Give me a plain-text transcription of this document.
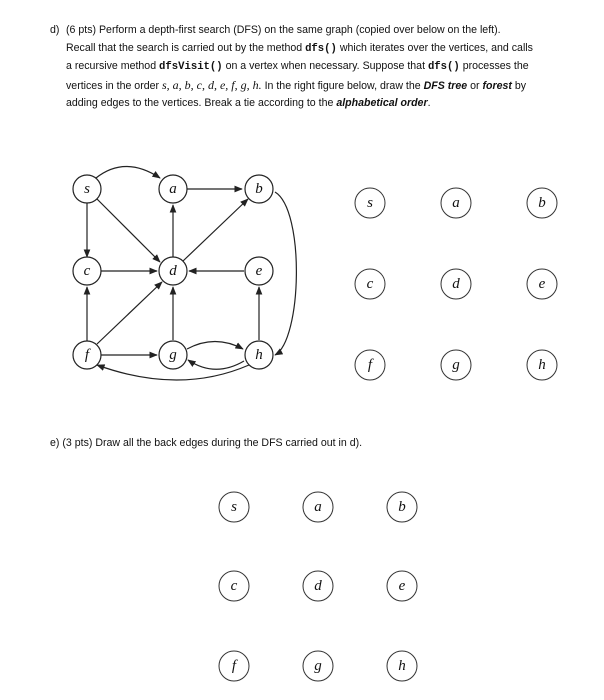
d) (6 pts) Perform a depth-first search (DFS) on the same graph (copied over below on the left).
Recall that the search is carried out by the method dfs() which iterates over the vertices, and calls
a recursive method dfsVisit() on a vertex when necessary. Suppose that dfs() processes the
vertices in the order s, a, b, c, d, e, f, g, h. In the right figure below, draw the DFS tree or forest by
adding edges to the vertices. Break a tie according to the alphabetical order.
e) (3 pts) Draw all the back edges during the DFS carried out in d).
s	a	b
c	d	e
f	g	h
s	a	b
c	d	e
f	g	h
s	a	b
c	d	e
f	g	h
